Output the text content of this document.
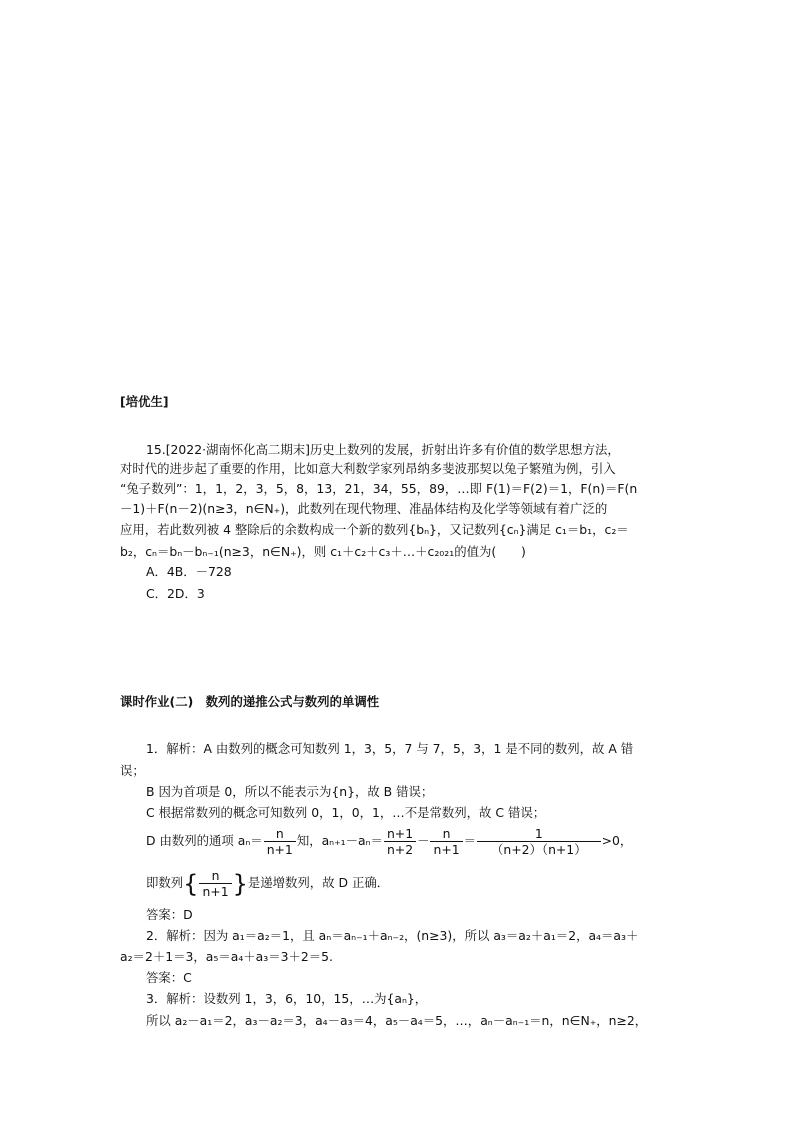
[培优生]
15.[2022·湖南怀化高二期末]历史上数列的发展，折射出许多有价值的数学思想方法，
对时代的进步起了重要的作用，比如意大利数学家列昂纳多斐波那契以兔子繁殖为例，引入
“兔子数列”：1，1，2，3，5，8，13，21，34，55，89，…即 F(1)＝F(2)＝1，F(n)＝F(n
－1)＋F(n－2)(n≥3，n∈N₊)，此数列在现代物理、准晶体结构及化学等领域有着广泛的
应用，若此数列被 4 整除后的余数构成一个新的数列{bₙ}，又记数列{cₙ}满足 c₁＝b₁，c₂＝
b₂，cₙ＝bₙ－bₙ₋₁(n≥3，n∈N₊)，则 c₁＋c₂＋c₃＋…＋c₂₀₂₁的值为(　　)
A．4B．－728
C．2D．3
课时作业(二)　数列的递推公式与数列的单调性
1．解析：A 由数列的概念可知数列 1，3，5，7 与 7，5，3，1 是不同的数列，故 A 错
误；
B 因为首项是 0，所以不能表示为{n}，故 B 错误；
C 根据常数列的概念可知数列 0，1，0，1，…不是常数列，故 C 错误；
D 由数列的通项 $a_n= \frac{n}{n+1}$ 知，$a_{n+1}-a_n= \frac{n+1}{n+2} - \frac{n}{n+1} = \frac{1}{(n+2)(n+1)} >0$，
即数列{ $\frac{n}{n+1}$ }是递增数列，故 D 正确．
答案：D
2．解析：因为 a₁＝a₂＝1，且 aₙ＝aₙ₋₁＋aₙ₋₂，(n≥3)，所以 a₃＝a₂＋a₁＝2，a₄＝a₃＋
a₂＝2＋1＝3，a₅＝a₄＋a₃＝3＋2＝5.
答案：C
3．解析：设数列 1，3，6，10，15，…为{aₙ}，
所以 a₂－a₁＝2，a₃－a₂＝3，a₄－a₃＝4，a₅－a₄＝5，…，aₙ－aₙ₋₁＝n，n∈N₊，n≥2，
